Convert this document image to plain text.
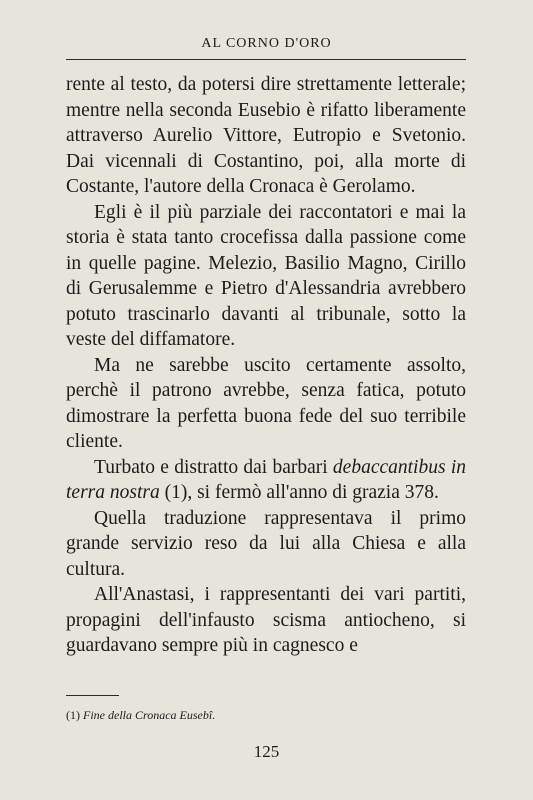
AL CORNO D'ORO

rente al testo, da potersi dire strettamente letterale; mentre nella seconda Eusebio è rifatto liberamente attraverso Aurelio Vittore, Eutropio e Svetonio. Dai vicennali di Costantino, poi, alla morte di Costante, l'autore della Cronaca è Gerolamo.

Egli è il più parziale dei raccontatori e mai la storia è stata tanto crocefissa dalla passione come in quelle pagine. Melezio, Basilio Magno, Cirillo di Gerusalemme e Pietro d'Alessandria avrebbero potuto trascinarlo davanti al tribunale, sotto la veste del diffamatore.

Ma ne sarebbe uscito certamente assolto, perchè il patrono avrebbe, senza fatica, potuto dimostrare la perfetta buona fede del suo terribile cliente.

Turbato e distratto dai barbari debaccantibus in terra nostra (1), si fermò all'anno di grazia 378.

Quella traduzione rappresentava il primo grande servizio reso da lui alla Chiesa e alla cultura.

All'Anastasi, i rappresentanti dei vari partiti, propagini dell'infausto scisma antiocheno, si guardavano sempre più in cagnesco e

(1) Fine della Cronaca Eusebî.
125
